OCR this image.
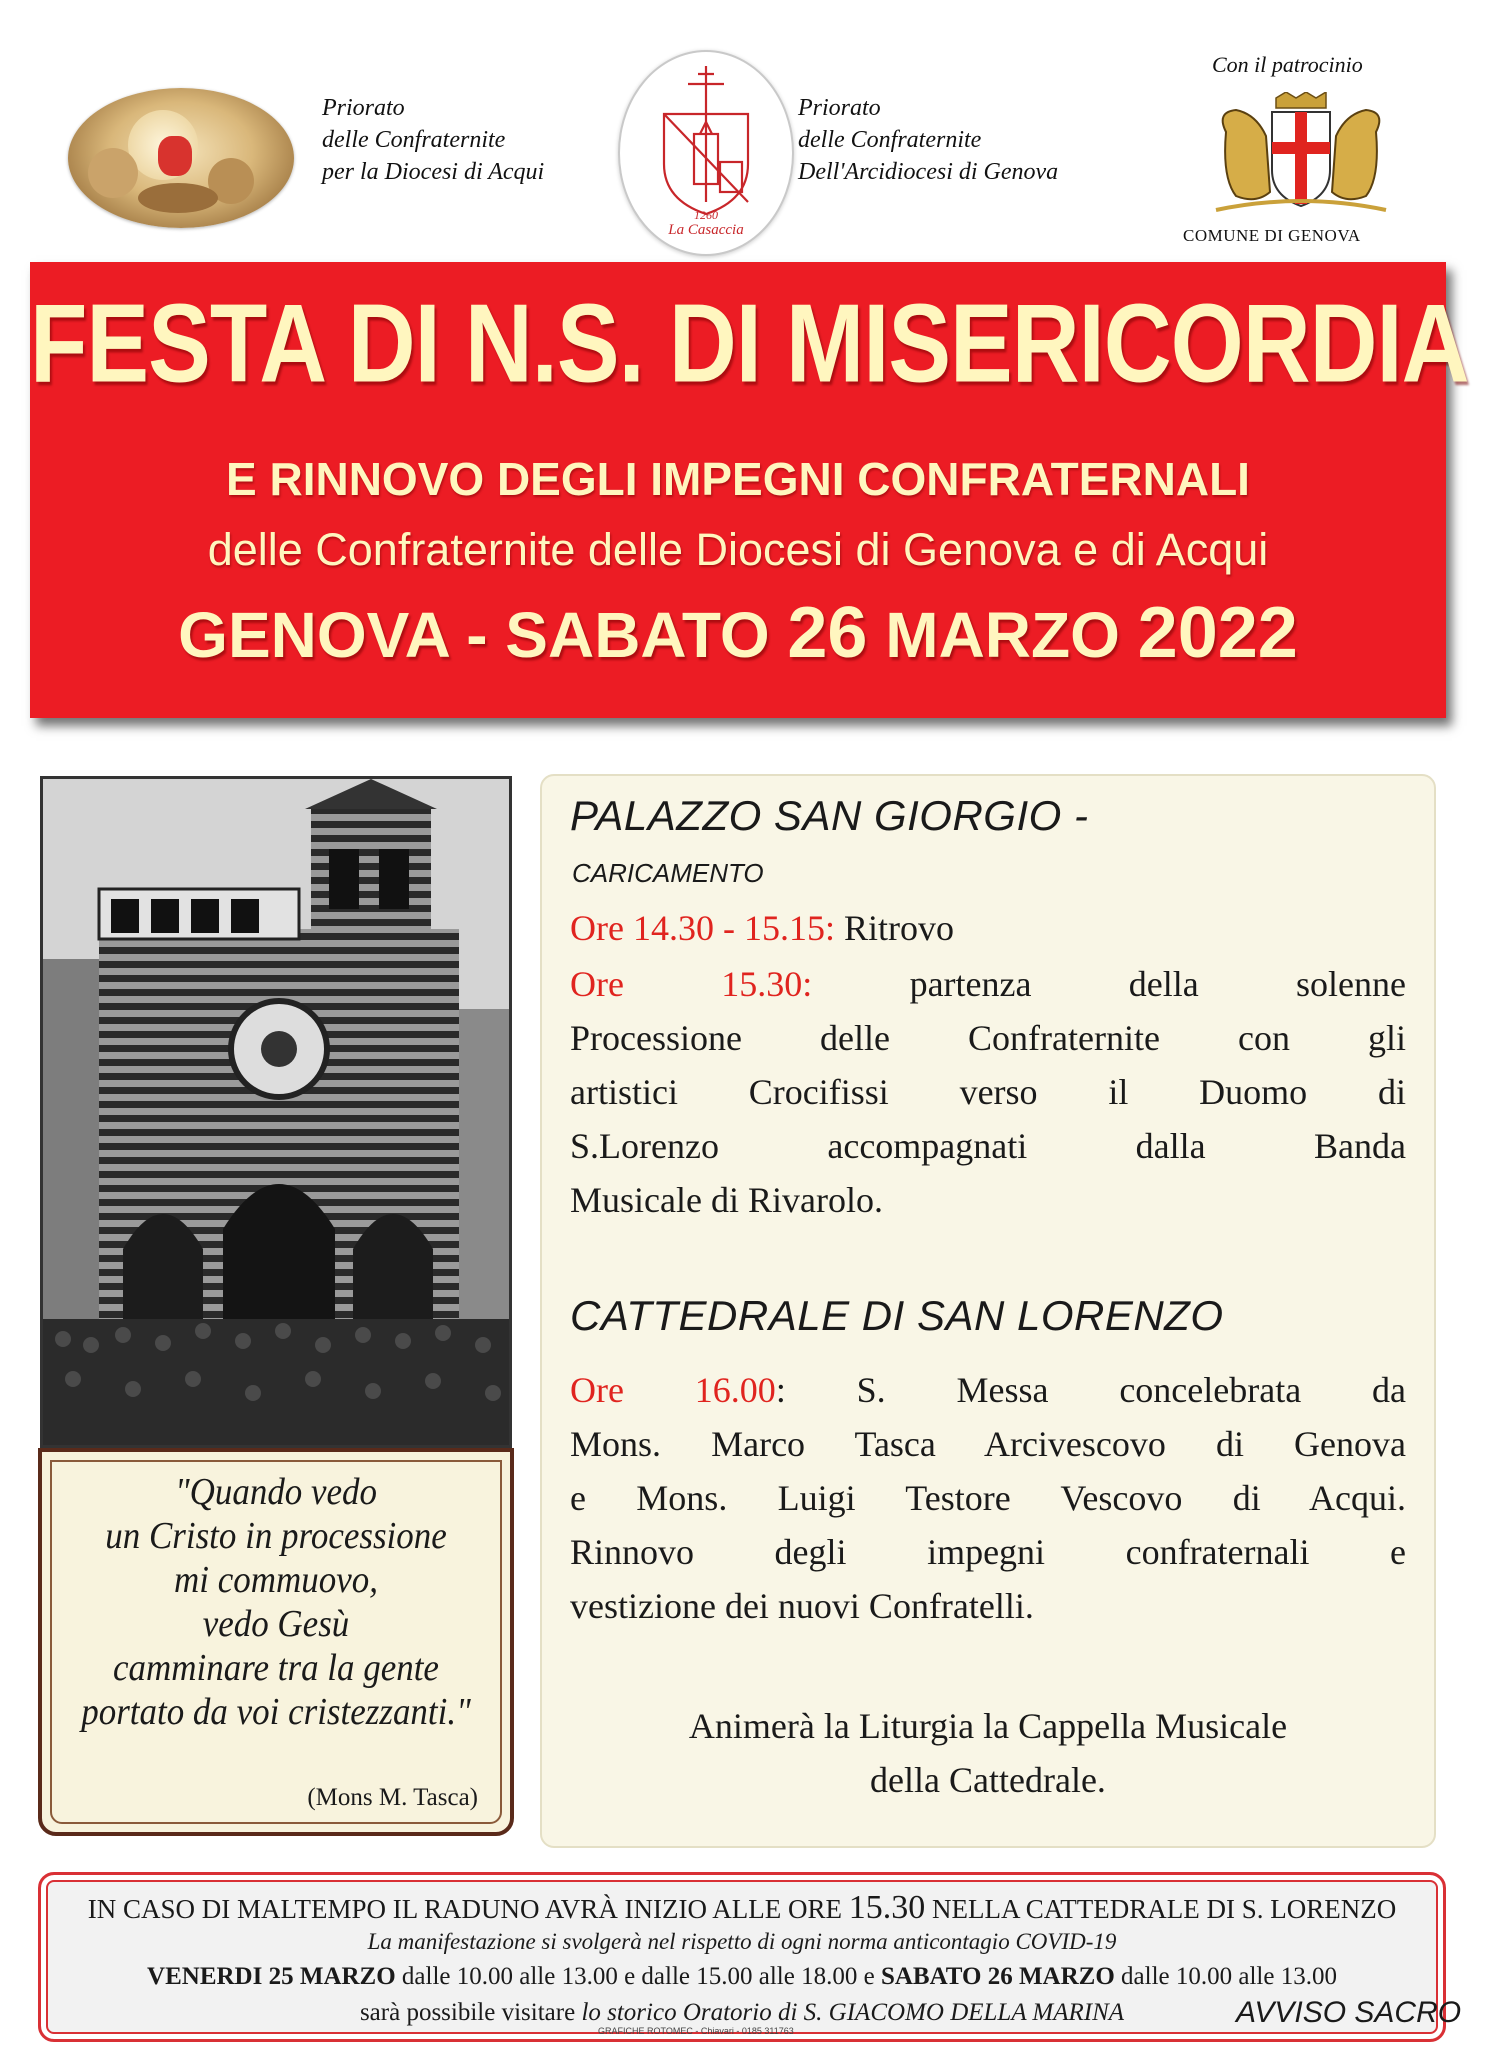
Priorato
delle Confraternite
per la Diocesi di Acqui
1260
La Casaccia
Priorato
delle Confraternite
Dell'Arcidiocesi di Genova
Con il patrocinio
COMUNE DI GENOVA
FESTA DI N.S. DI MISERICORDIA
E RINNOVO DEGLI IMPEGNI CONFRATERNALI
delle Confraternite delle Diocesi di Genova e di Acqui
GENOVA - SABATO 26 MARZO 2022
"Quando vedo
un Cristo in processione
mi commuovo,
vedo Gesù
camminare tra la gente
portato da voi cristezzanti."
(Mons M. Tasca)
PALAZZO SAN GIORGIO -
CARICAMENTO
Ore 14.30 - 15.15: Ritrovo
Ore 15.30: partenza della solenne
Processione delle Confraternite con gli
artistici Crocifissi verso il Duomo di
S.Lorenzo accompagnati dalla Banda
Musicale di Rivarolo.
CATTEDRALE DI SAN LORENZO
Ore 16.00: S. Messa concelebrata da
Mons. Marco Tasca Arcivescovo di Genova
e Mons. Luigi Testore Vescovo di Acqui.
Rinnovo degli impegni confraternali e
vestizione dei nuovi Confratelli.
Animerà la Liturgia la Cappella Musicale
della Cattedrale.
IN CASO DI MALTEMPO IL RADUNO AVRÀ INIZIO ALLE ORE 15.30 NELLA CATTEDRALE DI S. LORENZO
La manifestazione si svolgerà nel rispetto di ogni norma anticontagio COVID-19
VENERDI 25 MARZO dalle 10.00 alle 13.00 e dalle 15.00 alle 18.00 e SABATO 26 MARZO dalle 10.00 alle 13.00
sarà possibile visitare lo storico Oratorio di S. GIACOMO DELLA MARINA
GRAFICHE ROTOMEC - Chiavari - 0185 311763
AVVISO SACRO
